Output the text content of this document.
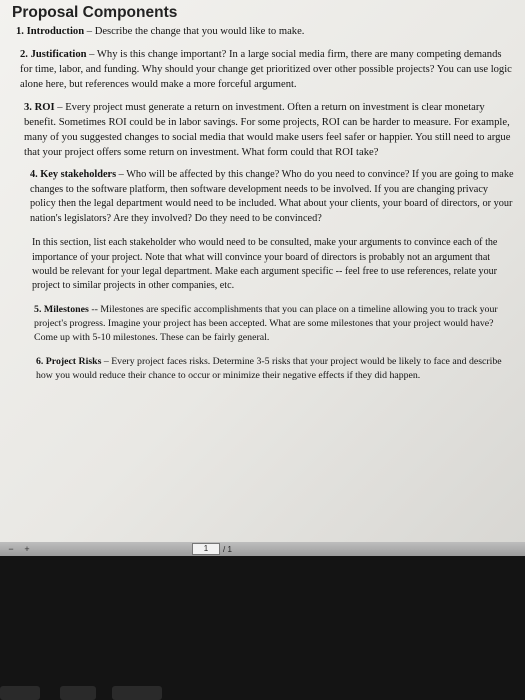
Proposal Components
1. Introduction – Describe the change that you would like to make.
2. Justification – Why is this change important? In a large social media firm, there are many competing demands for time, labor, and funding. Why should your change get prioritized over other possible projects? You can use logic alone here, but references would make a more forceful argument.
3. ROI – Every project must generate a return on investment. Often a return on investment is clear monetary benefit. Sometimes ROI could be in labor savings. For some projects, ROI can be harder to measure. For example, many of you suggested changes to social media that would make users feel safer or happier. You still need to argue that your project offers some return on investment. What form could that ROI take?
4. Key stakeholders – Who will be affected by this change? Who do you need to convince? If you are going to make changes to the software platform, then software development needs to be involved. If you are changing privacy policy then the legal department would need to be included. What about your clients, your board of directors, or your nation's legislators? Are they involved? Do they need to be convinced?
In this section, list each stakeholder who would need to be consulted, make your arguments to convince each of the importance of your project. Note that what will convince your board of directors is probably not an argument that would be relevant for your legal department. Make each argument specific -- feel free to use references, relate your project to similar projects in other companies, etc.
5. Milestones -- Milestones are specific accomplishments that you can place on a timeline allowing you to track your project's progress. Imagine your project has been accepted. What are some milestones that your project would have? Come up with 5-10 milestones. These can be fairly general.
6. Project Risks – Every project faces risks. Determine 3-5 risks that your project would be likely to face and describe how you would reduce their chance to occur or minimize their negative effects if they did happen.
− +	1	/ 1
